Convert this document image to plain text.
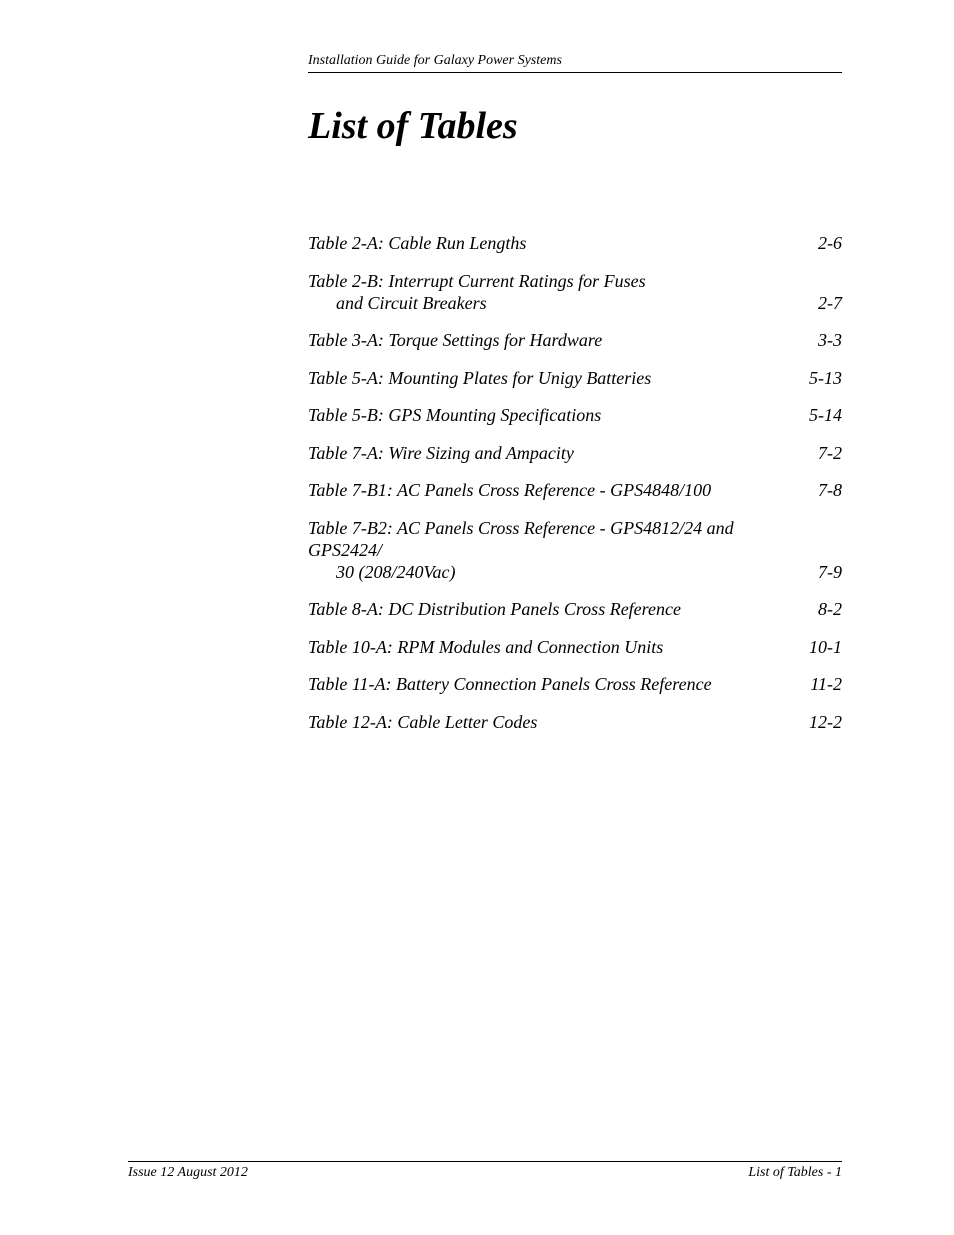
Installation Guide for Galaxy Power Systems
List of Tables
Table 2-A: Cable Run Lengths	2-6
Table 2-B: Interrupt Current Ratings for Fuses
and Circuit Breakers	2-7
Table 3-A: Torque Settings for Hardware	3-3
Table 5-A: Mounting Plates for Unigy Batteries	5-13
Table 5-B: GPS Mounting Specifications	5-14
Table 7-A: Wire Sizing and Ampacity	7-2
Table 7-B1: AC Panels Cross Reference - GPS4848/100	7-8
Table 7-B2: AC Panels Cross Reference - GPS4812/24 and GPS2424/
30 (208/240Vac)	7-9
Table 8-A: DC Distribution Panels Cross Reference	8-2
Table 10-A: RPM Modules and Connection Units	10-1
Table 11-A: Battery Connection Panels Cross Reference	11-2
Table 12-A: Cable Letter Codes	12-2
Issue 12 August 2012	List of Tables - 1
